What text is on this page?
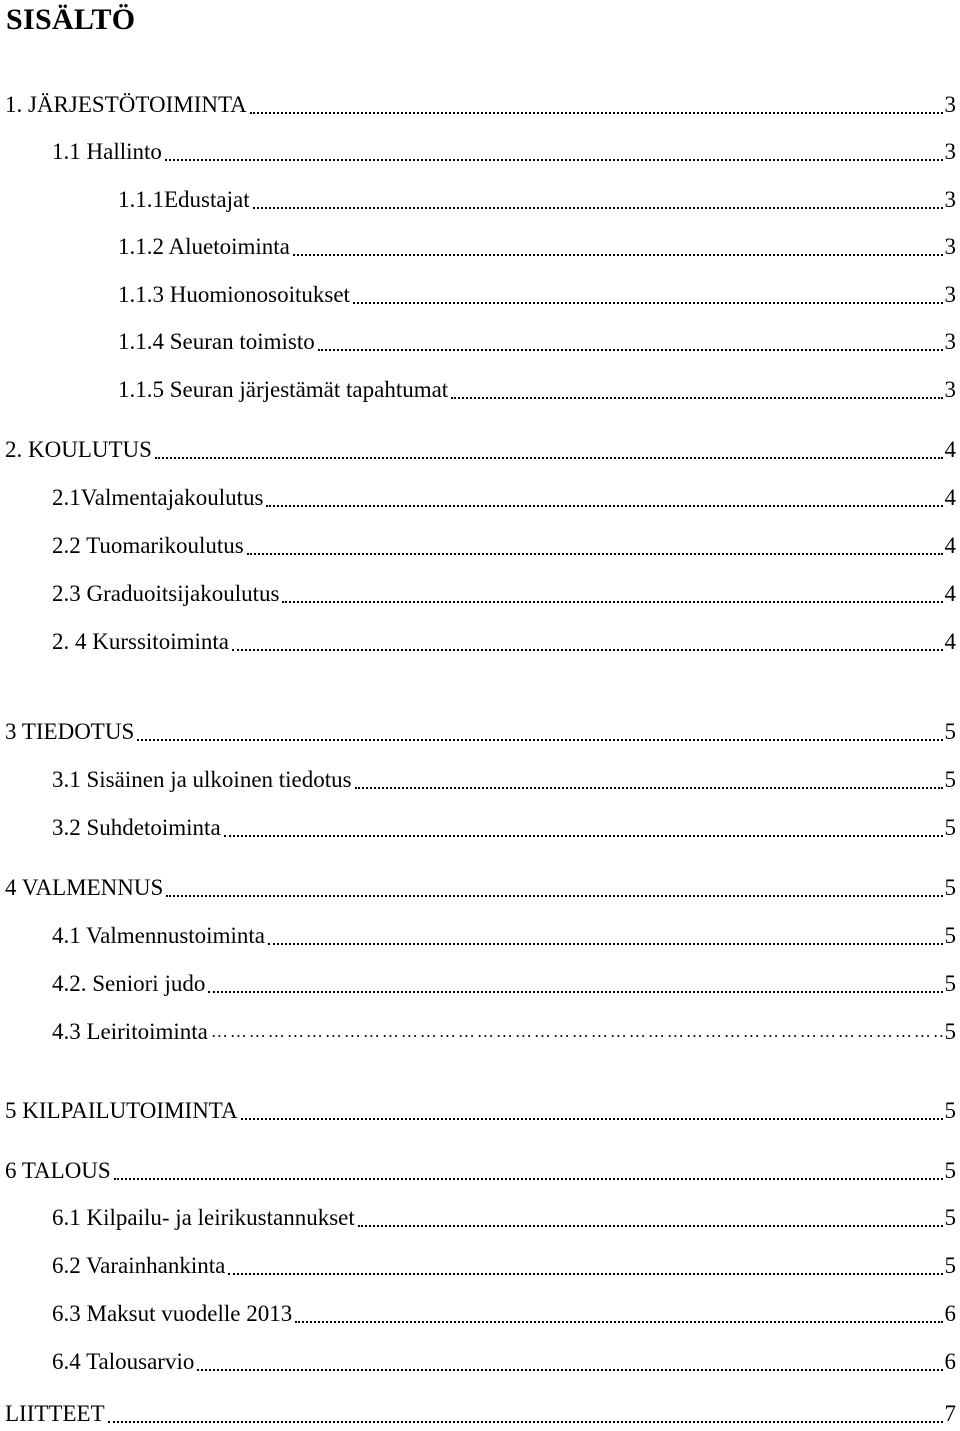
SISÄLTÖ
1. JÄRJESTÖTOIMINTA	3
1.1 Hallinto	3
1.1.1Edustajat	3
1.1.2 Aluetoiminta	3
1.1.3 Huomionosoitukset	3
1.1.4 Seuran toimisto	3
1.1.5 Seuran järjestämät tapahtumat	3
2. KOULUTUS	4
2.1Valmentajakoulutus	4
2.2 Tuomarikoulutus	4
2.3 Graduoitsijakoulutus	4
2. 4 Kurssitoiminta	4
3 TIEDOTUS	5
3.1 Sisäinen ja ulkoinen tiedotus	5
3.2 Suhdetoiminta	5
4 VALMENNUS	5
4.1 Valmennustoiminta	5
4.2. Seniori judo	5
4.3 Leiritoiminta …………………………………………………………………………………………………………………………………………	5
5 KILPAILUTOIMINTA	5
6 TALOUS	5
6.1 Kilpailu- ja leirikustannukset	5
6.2 Varainhankinta	5
6.3 Maksut vuodelle 2013	6
6.4 Talousarvio	6
LIITTEET	7
